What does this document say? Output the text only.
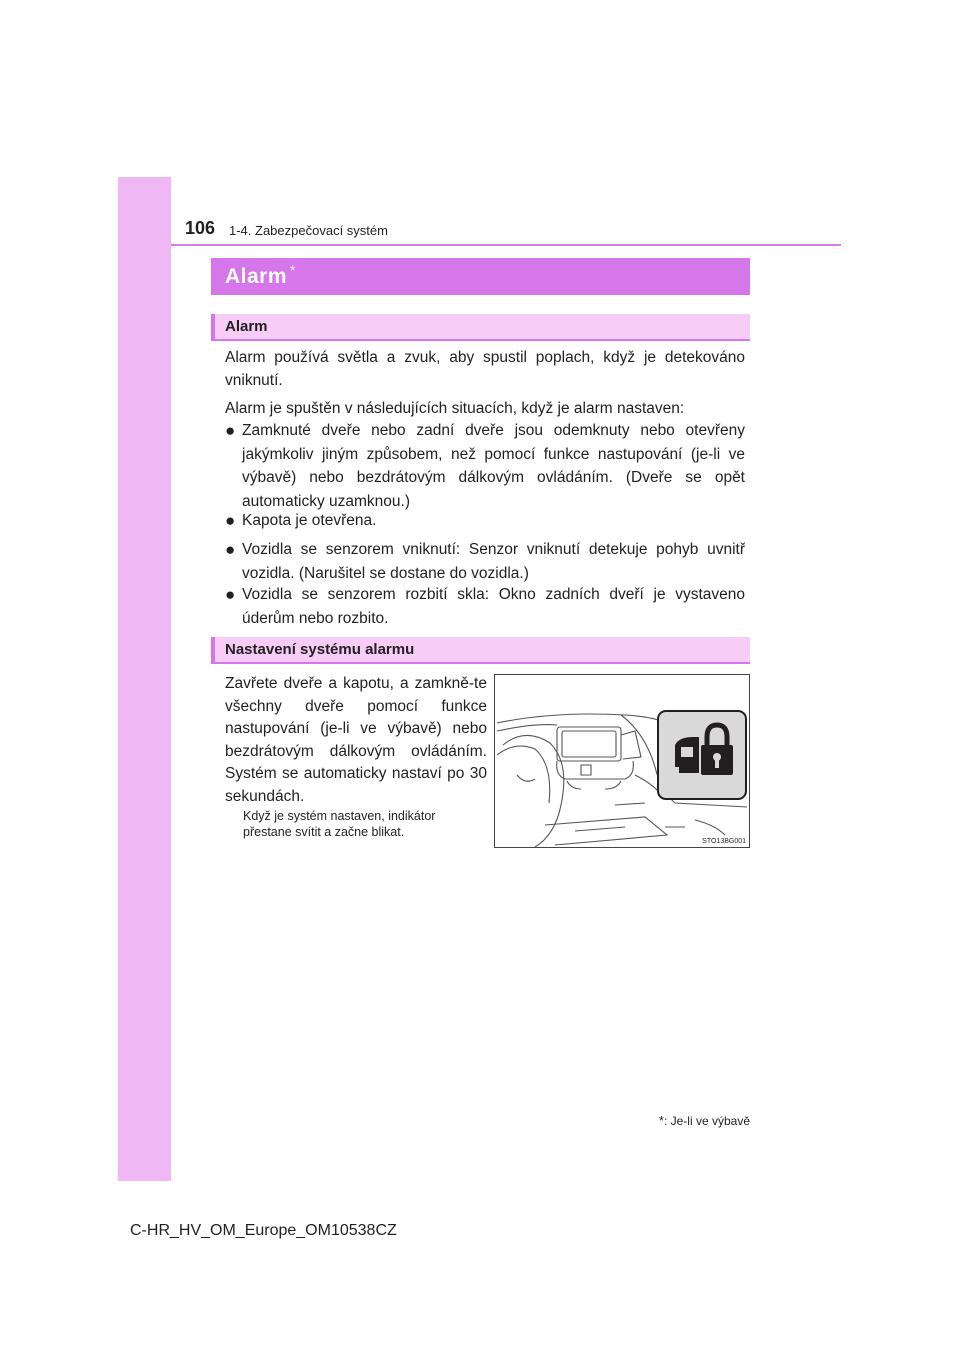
106 1-4. Zabezpečovací systém
Alarm *
Alarm

Alarm používá světla a zvuk, aby spustil poplach, když je detekováno vniknutí.

Alarm je spuštěn v následujících situacích, když je alarm nastaven:

● Zamknuté dveře nebo zadní dveře jsou odemknuty nebo otevřeny jakýmkoliv jiným způsobem, než pomocí funkce nastupování (je-li ve výbavě) nebo bezdrátovým dálkovým ovládáním. (Dveře se opět automaticky uzamknou.)
● Kapota je otevřena.
● Vozidla se senzorem vniknutí: Senzor vniknutí detekuje pohyb uvnitř vozidla. (Narušitel se dostane do vozidla.)
● Vozidla se senzorem rozbití skla: Okno zadních dveří je vystaveno úderům nebo rozbito.
Nastavení systému alarmu

Zavřete dveře a kapotu, a zamkně-te všechny dveře pomocí funkce nastupování (je-li ve výbavě) nebo bezdrátovým dálkovým ovládáním. Systém se automaticky nastaví po 30 sekundách.

Když je systém nastaven, indikátor přestane svítit a začne blikat.
STO13BG001
*: Je-li ve výbavě
C-HR_HV_OM_Europe_OM10538CZ
